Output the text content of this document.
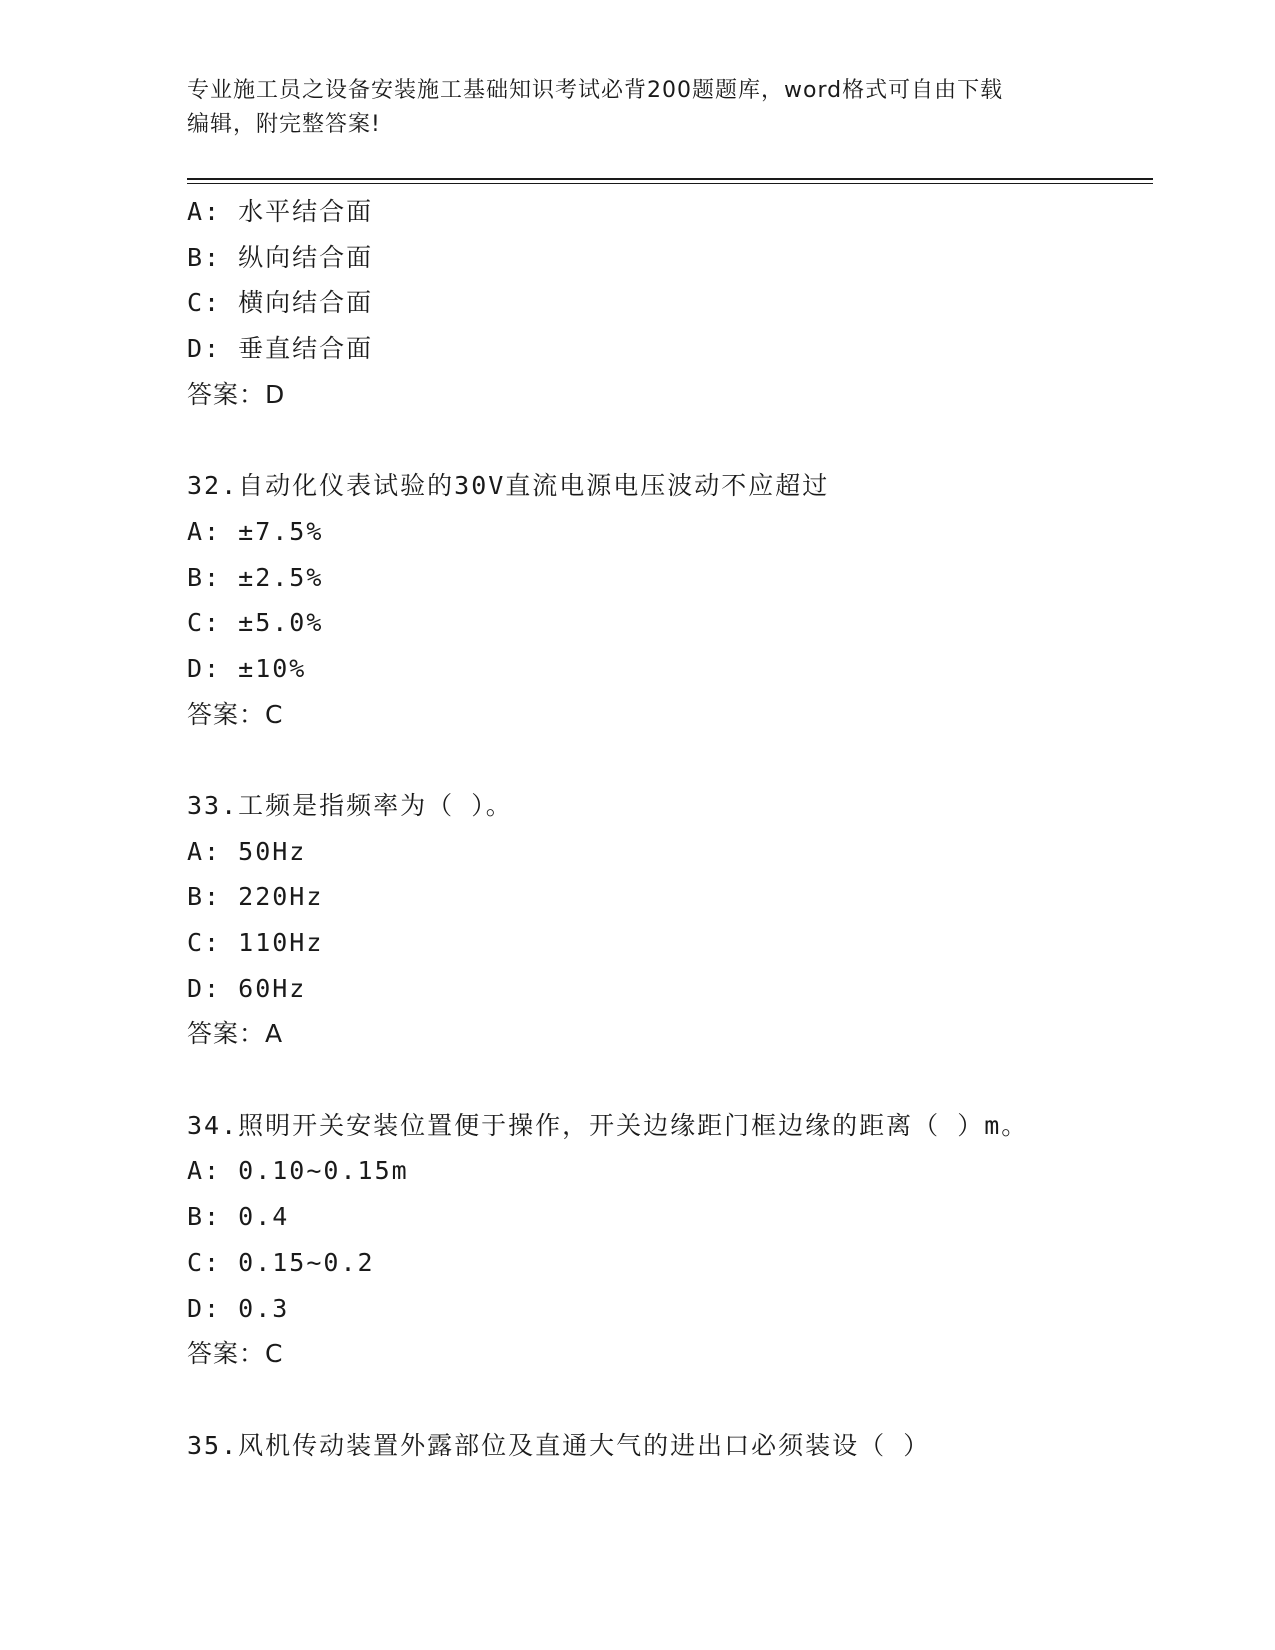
专业施工员之设备安装施工基础知识考试必背200题题库，word格式可自由下载
编辑，附完整答案!
A: 水平结合面
B: 纵向结合面
C: 横向结合面
D: 垂直结合面
答案：D
32.自动化仪表试验的30V直流电源电压波动不应超过
A: ±7.5%
B: ±2.5%
C: ±5.0%
D: ±10%
答案：C
33.工频是指频率为（ ）。
A: 50Hz
B: 220Hz
C: 110Hz
D: 60Hz
答案：A
34.照明开关安装位置便于操作，开关边缘距门框边缘的距离（ ）m。
A: 0.10~0.15m
B: 0.4
C: 0.15~0.2
D: 0.3
答案：C
35.风机传动装置外露部位及直通大气的进出口必须装设（ ）
